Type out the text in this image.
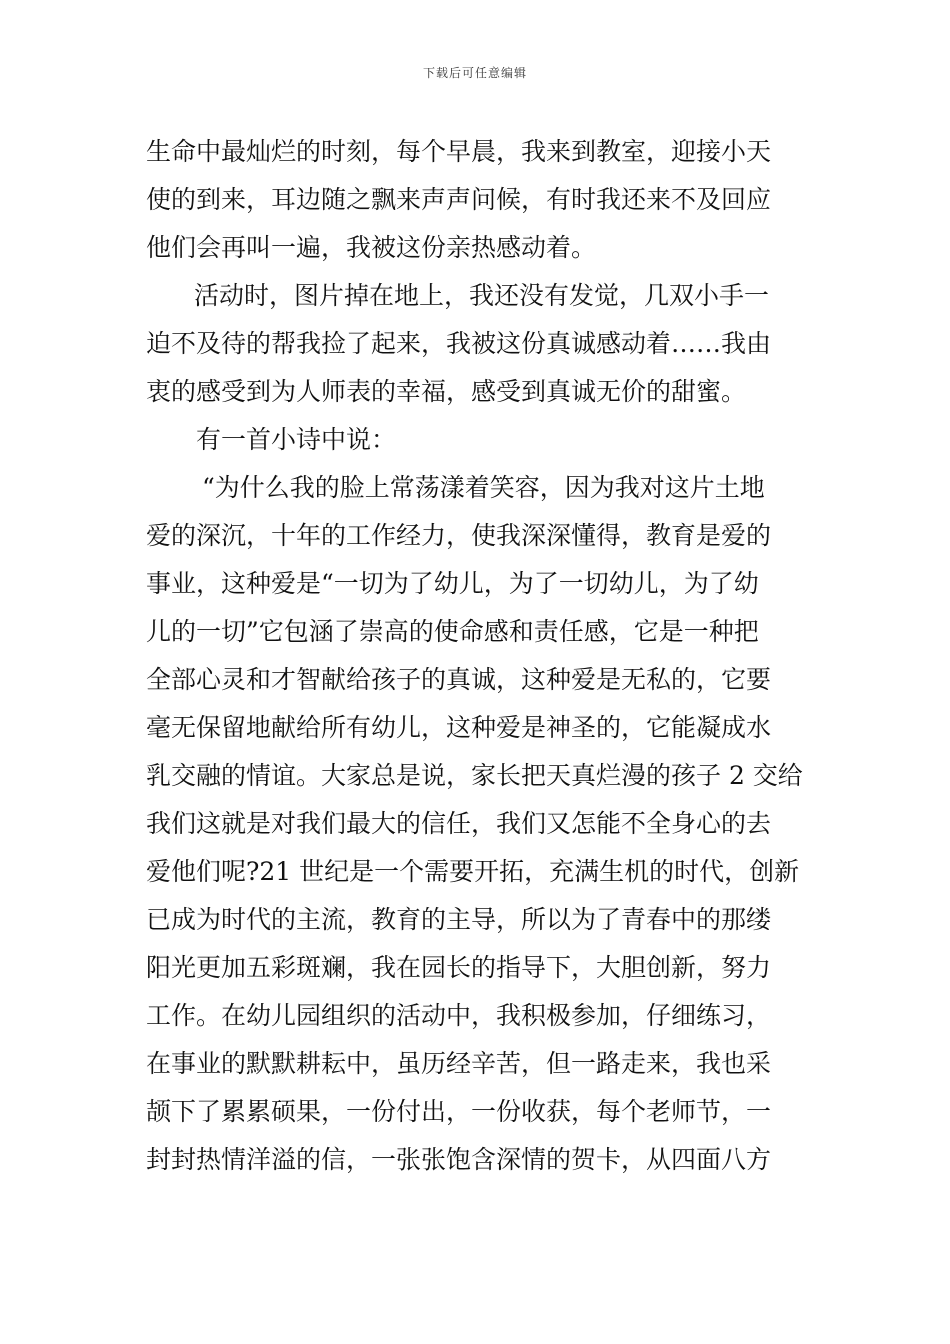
下载后可任意编辑
生命中最灿烂的时刻，每个早晨，我来到教室，迎接小天
使的到来，耳边随之飘来声声问候，有时我还来不及回应
他们会再叫一遍，我被这份亲热感动着。
活动时，图片掉在地上，我还没有发觉，几双小手一
迫不及待的帮我捡了起来，我被这份真诚感动着……我由
衷的感受到为人师表的幸福，感受到真诚无价的甜蜜。
有一首小诗中说：
“为什么我的脸上常荡漾着笑容，因为我对这片土地
爱的深沉，十年的工作经力，使我深深懂得，教育是爱的
事业，这种爱是“一切为了幼儿，为了一切幼儿，为了幼
儿的一切”它包涵了崇高的使命感和责任感，它是一种把
全部心灵和才智献给孩子的真诚，这种爱是无私的，它要
毫无保留地献给所有幼儿，这种爱是神圣的，它能凝成水
乳交融的情谊。大家总是说，家长把天真烂漫的孩子 2 交给
我们这就是对我们最大的信任，我们又怎能不全身心的去
爱他们呢?21 世纪是一个需要开拓，充满生机的时代，创新
已成为时代的主流，教育的主导，所以为了青春中的那缕
阳光更加五彩斑斓，我在园长的指导下，大胆创新，努力
工作。在幼儿园组织的活动中，我积极参加，仔细练习，
在事业的默默耕耘中，虽历经辛苦，但一路走来，我也采
颉下了累累硕果，一份付出，一份收获，每个老师节，一
封封热情洋溢的信，一张张饱含深情的贺卡，从四面八方
